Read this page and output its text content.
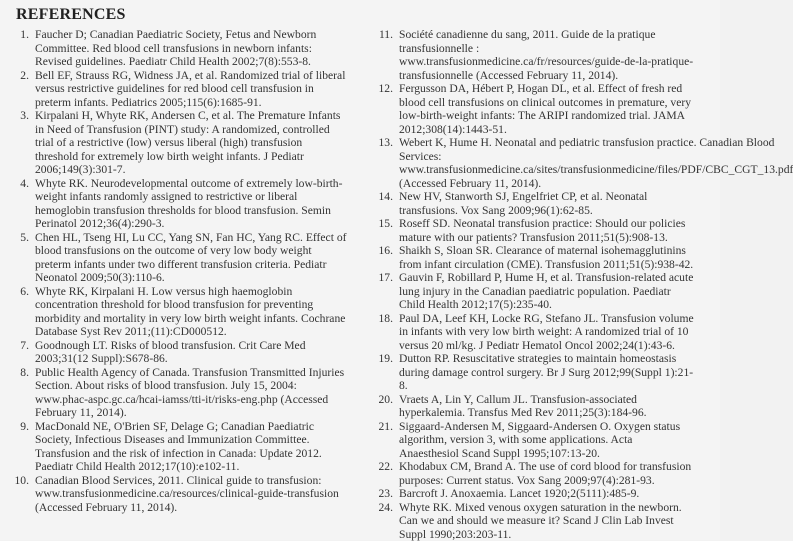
REFERENCES
1. Faucher D; Canadian Paediatric Society, Fetus and Newborn Committee. Red blood cell transfusions in newborn infants: Revised guidelines. Paediatr Child Health 2002;7(8):553-8.
2. Bell EF, Strauss RG, Widness JA, et al. Randomized trial of liberal versus restrictive guidelines for red blood cell transfusion in preterm infants. Pediatrics 2005;115(6):1685-91.
3. Kirpalani H, Whyte RK, Andersen C, et al. The Premature Infants in Need of Transfusion (PINT) study: A randomized, controlled trial of a restrictive (low) versus liberal (high) transfusion threshold for extremely low birth weight infants. J Pediatr 2006;149(3):301-7.
4. Whyte RK. Neurodevelopmental outcome of extremely low-birth-weight infants randomly assigned to restrictive or liberal hemoglobin transfusion thresholds for blood transfusion. Semin Perinatol 2012;36(4):290-3.
5. Chen HL, Tseng HI, Lu CC, Yang SN, Fan HC, Yang RC. Effect of blood transfusions on the outcome of very low body weight preterm infants under two different transfusion criteria. Pediatr Neonatol 2009;50(3):110-6.
6. Whyte RK, Kirpalani H. Low versus high haemoglobin concentration threshold for blood transfusion for preventing morbidity and mortality in very low birth weight infants. Cochrane Database Syst Rev 2011;(11):CD000512.
7. Goodnough LT. Risks of blood transfusion. Crit Care Med 2003;31(12 Suppl):S678-86.
8. Public Health Agency of Canada. Transfusion Transmitted Injuries Section. About risks of blood transfusion. July 15, 2004: www.phac-aspc.gc.ca/hcai-iamss/tti-it/risks-eng.php (Accessed February 11, 2014).
9. MacDonald NE, O'Brien SF, Delage G; Canadian Paediatric Society, Infectious Diseases and Immunization Committee. Transfusion and the risk of infection in Canada: Update 2012. Paediatr Child Health 2012;17(10):e102-11.
10. Canadian Blood Services, 2011. Clinical guide to transfusion: www.transfusionmedicine.ca/resources/clinical-guide-transfusion (Accessed February 11, 2014).
11. Société canadienne du sang, 2011. Guide de la pratique transfusionnelle : www.transfusionmedicine.ca/fr/resources/guide-de-la-pratique-transfusionnelle (Accessed February 11, 2014).
12. Fergusson DA, Hébert P, Hogan DL, et al. Effect of fresh red blood cell transfusions on clinical outcomes in premature, very low-birth-weight infants: The ARIPI randomized trial. JAMA 2012;308(14):1443-51.
13. Webert K, Hume H. Neonatal and pediatric transfusion practice. Canadian Blood Services: www.transfusionmedicine.ca/sites/transfusionmedicine/files/PDF/CBC_CGT_13.pdf (Accessed February 11, 2014).
14. New HV, Stanworth SJ, Engelfriet CP, et al. Neonatal transfusions. Vox Sang 2009;96(1):62-85.
15. Roseff SD. Neonatal transfusion practice: Should our policies mature with our patients? Transfusion 2011;51(5):908-13.
16. Shaikh S, Sloan SR. Clearance of maternal isohemagglutinins from infant circulation (CME). Transfusion 2011;51(5):938-42.
17. Gauvin F, Robillard P, Hume H, et al. Transfusion-related acute lung injury in the Canadian paediatric population. Paediatr Child Health 2012;17(5):235-40.
18. Paul DA, Leef KH, Locke RG, Stefano JL. Transfusion volume in infants with very low birth weight: A randomized trial of 10 versus 20 ml/kg. J Pediatr Hematol Oncol 2002;24(1):43-6.
19. Dutton RP. Resuscitative strategies to maintain homeostasis during damage control surgery. Br J Surg 2012;99(Suppl 1):21-8.
20. Vraets A, Lin Y, Callum JL. Transfusion-associated hyperkalemia. Transfus Med Rev 2011;25(3):184-96.
21. Siggaard-Andersen M, Siggaard-Andersen O. Oxygen status algorithm, version 3, with some applications. Acta Anaesthesiol Scand Suppl 1995;107:13-20.
22. Khodabux CM, Brand A. The use of cord blood for transfusion purposes: Current status. Vox Sang 2009;97(4):281-93.
23. Barcroft J. Anoxaemia. Lancet 1920;2(5111):485-9.
24. Whyte RK. Mixed venous oxygen saturation in the newborn. Can we and should we measure it? Scand J Clin Lab Invest Suppl 1990;203:203-11.
